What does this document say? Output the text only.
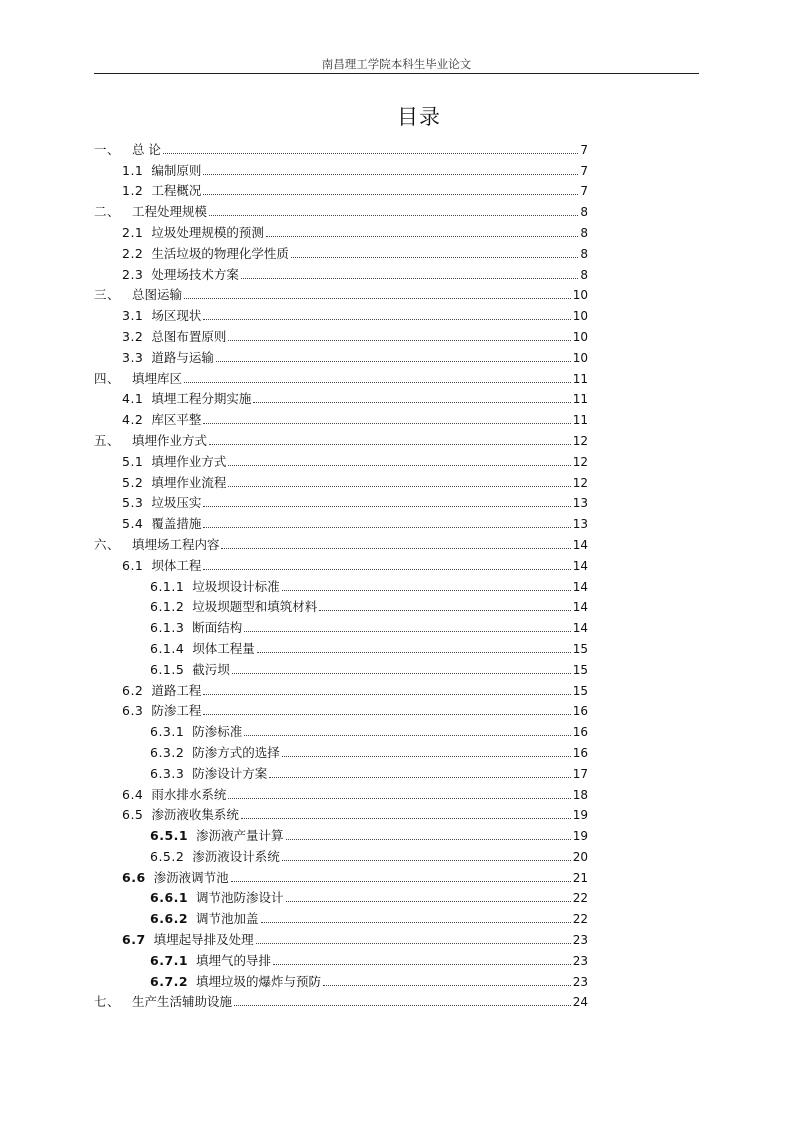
南昌理工学院本科生毕业论文
目录
一、 总 论	7
1.1 编制原则	7
1.2 工程概况	7
二、 工程处理规模	8
2.1 垃圾处理规模的预测	8
2.2 生活垃圾的物理化学性质	8
2.3 处理场技术方案	8
三、 总图运输	10
3.1 场区现状	10
3.2 总图布置原则	10
3.3 道路与运输	10
四、 填埋库区	11
4.1 填埋工程分期实施	11
4.2 库区平整	11
五、 填埋作业方式	12
5.1 填埋作业方式	12
5.2 填埋作业流程	12
5.3 垃圾压实	13
5.4 覆盖措施	13
六、 填埋场工程内容	14
6.1 坝体工程	14
6.1.1 垃圾坝设计标准	14
6.1.2 垃圾坝题型和填筑材料	14
6.1.3 断面结构	14
6.1.4 坝体工程量	15
6.1.5 截污坝	15
6.2 道路工程	15
6.3 防渗工程	16
6.3.1 防渗标准	16
6.3.2 防渗方式的选择	16
6.3.3 防渗设计方案	17
6.4 雨水排水系统	18
6.5 渗沥液收集系统	19
6.5.1 渗沥液产量计算	19
6.5.2 渗沥液设计系统	20
6.6 渗沥液调节池	21
6.6.1 调节池防渗设计	22
6.6.2 调节池加盖	22
6.7 填埋起导排及处理	23
6.7.1 填埋气的导排	23
6.7.2 填埋垃圾的爆炸与预防	23
七、 生产生活辅助设施	24
